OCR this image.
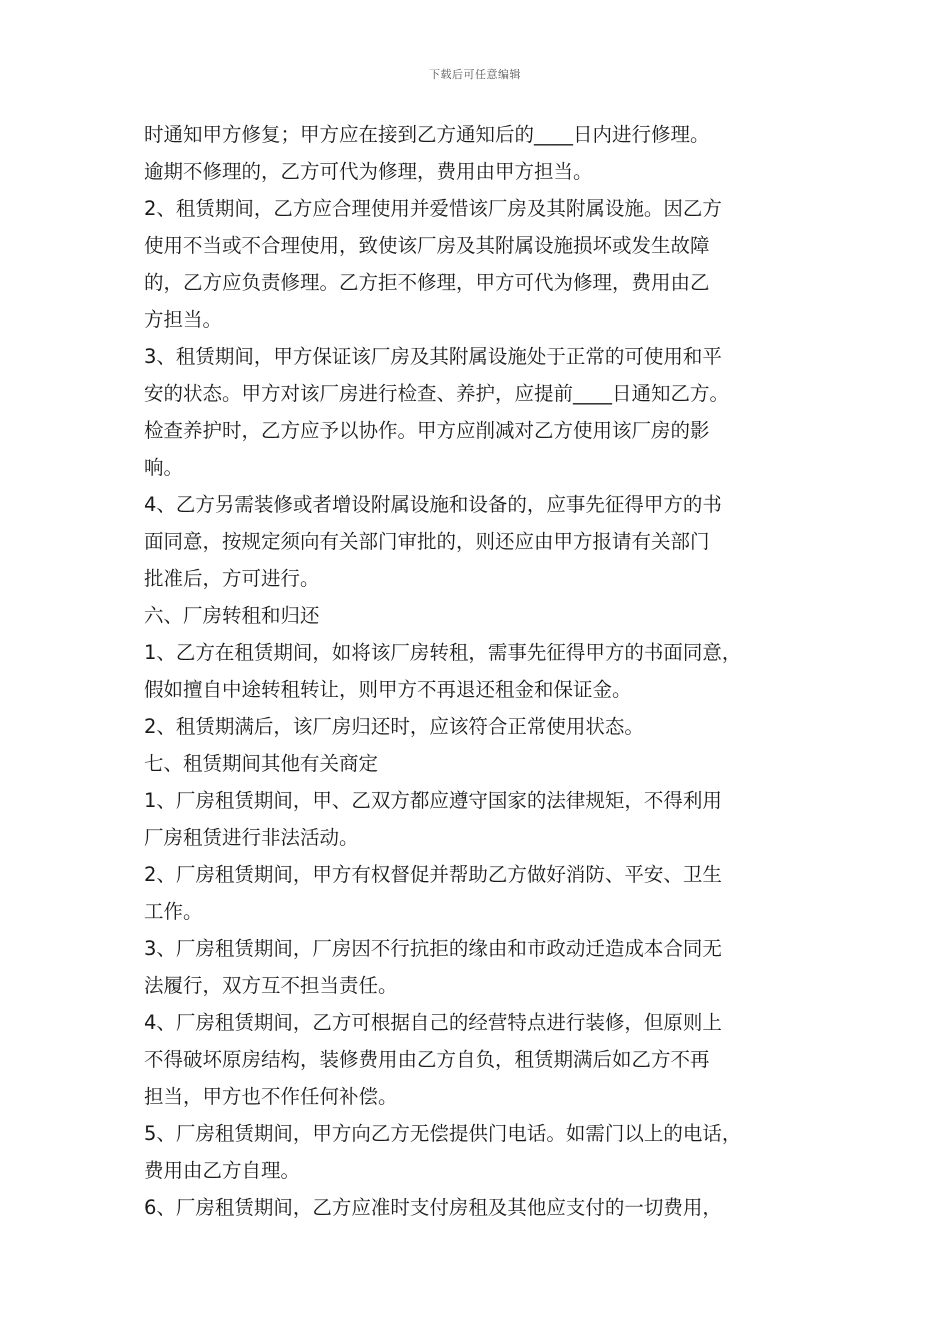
下载后可任意编辑
时通知甲方修复；甲方应在接到乙方通知后的____日内进行修理。
逾期不修理的，乙方可代为修理，费用由甲方担当。
2、租赁期间，乙方应合理使用并爱惜该厂房及其附属设施。因乙方
使用不当或不合理使用，致使该厂房及其附属设施损坏或发生故障
的，乙方应负责修理。乙方拒不修理，甲方可代为修理，费用由乙
方担当。
3、租赁期间，甲方保证该厂房及其附属设施处于正常的可使用和平
安的状态。甲方对该厂房进行检查、养护，应提前____日通知乙方。
检查养护时，乙方应予以协作。甲方应削减对乙方使用该厂房的影
响。
4、乙方另需装修或者增设附属设施和设备的，应事先征得甲方的书
面同意，按规定须向有关部门审批的，则还应由甲方报请有关部门
批准后，方可进行。
六、厂房转租和归还
1、乙方在租赁期间，如将该厂房转租，需事先征得甲方的书面同意，
假如擅自中途转租转让，则甲方不再退还租金和保证金。
2、租赁期满后，该厂房归还时，应该符合正常使用状态。
七、租赁期间其他有关商定
1、厂房租赁期间，甲、乙双方都应遵守国家的法律规矩，不得利用
厂房租赁进行非法活动。
2、厂房租赁期间，甲方有权督促并帮助乙方做好消防、平安、卫生
工作。
3、厂房租赁期间，厂房因不行抗拒的缘由和市政动迁造成本合同无
法履行，双方互不担当责任。
4、厂房租赁期间，乙方可根据自己的经营特点进行装修，但原则上
不得破坏原房结构，装修费用由乙方自负，租赁期满后如乙方不再
担当，甲方也不作任何补偿。
5、厂房租赁期间，甲方向乙方无偿提供门电话。如需门以上的电话，
费用由乙方自理。
6、厂房租赁期间，乙方应准时支付房租及其他应支付的一切费用，
